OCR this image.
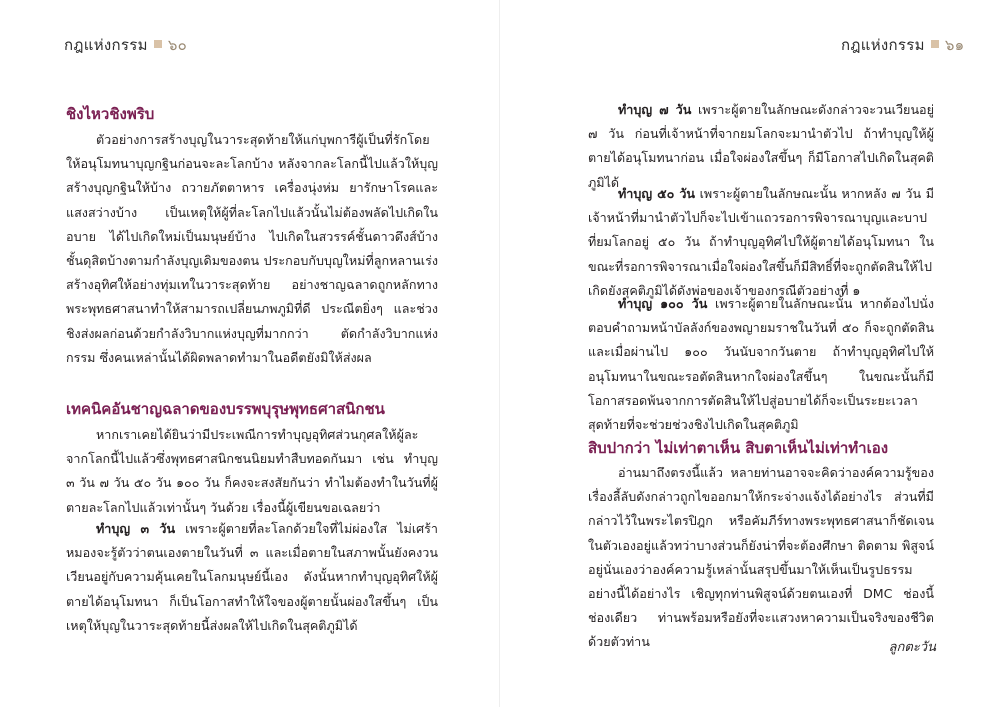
กฎแห่งกรรม ๖๐
ชิงไหวชิงพริบ

ตัวอย่างการสร้างบุญในวาระสุดท้ายให้แก่บุพการีผู้เป็นที่รักโดยให้อนุโมทนาบุญกฐินก่อนจะละโลกบ้าง หลังจากละโลกนี้ไปแล้วให้บุญสร้างบุญกฐินให้บ้าง ถวายภัตตาหาร เครื่องนุ่งห่ม ยารักษาโรคและแสงสว่างบ้าง เป็นเหตุให้ผู้ที่ละโลกไปแล้วนั้นไม่ต้องพลัดไปเกิดในอบาย ได้ไปเกิดใหม่เป็นมนุษย์บ้าง ไปเกิดในสวรรค์ชั้นดาวดึงส์บ้าง ชั้นดุสิตบ้างตามกำลังบุญเดิมของตน ประกอบกับบุญใหม่ที่ลูกหลานเร่งสร้างอุทิศให้อย่างทุ่มเทในวาระสุดท้าย อย่างชาญฉลาดถูกหลักทางพระพุทธศาสนาทำให้สามารถเปลี่ยนภพภูมิที่ดี ประณีตยิ่งๆ และช่วงชิงส่งผลก่อนด้วยกำลังวิบากแห่งบุญที่มากกว่า ตัดกำลังวิบากแห่งกรรม ซึ่งคนเหล่านั้นได้ผิดพลาดทำมาในอดีตยังมิให้ส่งผล

เทคนิคอันชาญฉลาดของบรรพบุรุษพุทธศาสนิกชน

หากเราเคยได้ยินว่ามีประเพณีการทำบุญอุทิศส่วนกุศลให้ผู้ละจากโลกนี้ไปแล้วซึ่งพุทธศาสนิกชนนิยมทำสืบทอดกันมา เช่น ทำบุญ ๓ วัน ๗ วัน ๕๐ วัน ๑๐๐ วัน ก็คงจะสงสัยกันว่า ทำไมต้องทำในวันที่ผู้ตายละโลกไปแล้วเท่านั้นๆ วันด้วย เรื่องนี้ผู้เขียนขอเฉลยว่า

ทำบุญ ๓ วัน เพราะผู้ตายที่ละโลกด้วยใจที่ไม่ผ่องใส ไม่เศร้าหมองจะรู้ตัวว่าตนเองตายในวันที่ ๓ และเมื่อตายในสภาพนั้นยังคงวนเวียนอยู่กับความคุ้นเคยในโลกมนุษย์นี้เอง ดังนั้นหากทำบุญอุทิศให้ผู้ตายได้อนุโมทนา ก็เป็นโอกาสทำให้ใจของผู้ตายนั้นผ่องใสขึ้นๆ เป็นเหตุให้บุญในวาระสุดท้ายนี้ส่งผลให้ไปเกิดในสุคติภูมิได้

กฎแห่งกรรม ๖๑

ทำบุญ ๗ วัน เพราะผู้ตายในลักษณะดังกล่าวจะวนเวียนอยู่ ๗ วัน ก่อนที่เจ้าหน้าที่จากยมโลกจะมานำตัวไป ถ้าทำบุญให้ผู้ตายได้อนุโมทนาก่อน เมื่อใจผ่องใสขึ้นๆ ก็มีโอกาสไปเกิดในสุคติภูมิได้

ทำบุญ ๕๐ วัน เพราะผู้ตายในลักษณะนั้น หากหลัง ๗ วัน มีเจ้าหน้าที่มานำตัวไปก็จะไปเข้าแถวรอการพิจารณาบุญและบาปที่ยมโลกอยู่ ๕๐ วัน ถ้าทำบุญอุทิศไปให้ผู้ตายได้อนุโมทนา ในขณะที่รอการพิจารณาเมื่อใจผ่องใสขึ้นก็มีสิทธิ์ที่จะถูกตัดสินให้ไปเกิดยังสุคติภูมิได้ดังพ่อของเจ้าของกรณีตัวอย่างที่ ๑

ทำบุญ ๑๐๐ วัน เพราะผู้ตายในลักษณะนั้น หากต้องไปนั่งตอบคำถามหน้าบัลลังก์ของพญายมราชในวันที่ ๕๐ ก็จะถูกตัดสิน และเมื่อผ่านไป ๑๐๐ วันนับจากวันตาย ถ้าทำบุญอุทิศไปให้อนุโมทนาในขณะรอตัดสินหากใจผ่องใสขึ้นๆ ในขณะนั้นก็มีโอกาสรอดพ้นจากการตัดสินให้ไปสู่อบายได้ก็จะเป็นระยะเวลาสุดท้ายที่จะช่วยช่วงชิงไปเกิดในสุคติภูมิ

สิบปากว่า ไม่เท่าตาเห็น สิบตาเห็นไม่เท่าทำเอง

อ่านมาถึงตรงนี้แล้ว หลายท่านอาจจะคิดว่าองค์ความรู้ของเรื่องลี้ลับดังกล่าวถูกไขออกมาให้กระจ่างแจ้งได้อย่างไร ส่วนที่มีกล่าวไว้ในพระไตรปิฎก หรือคัมภีร์ทางพระพุทธศาสนาก็ชัดเจนในตัวเองอยู่แล้วทว่าบางส่วนก็ยังน่าที่จะต้องศึกษา ติดตาม พิสูจน์อยู่นั่นเองว่าองค์ความรู้เหล่านั้นสรุปขึ้นมาให้เห็นเป็นรูปธรรมอย่างนี้ได้อย่างไร เชิญทุกท่านพิสูจน์ด้วยตนเองที่ DMC ช่องนี้ช่องเดียว ท่านพร้อมหรือยังที่จะแสวงหาความเป็นจริงของชีวิตด้วยตัวท่าน	ลูกตะวัน
